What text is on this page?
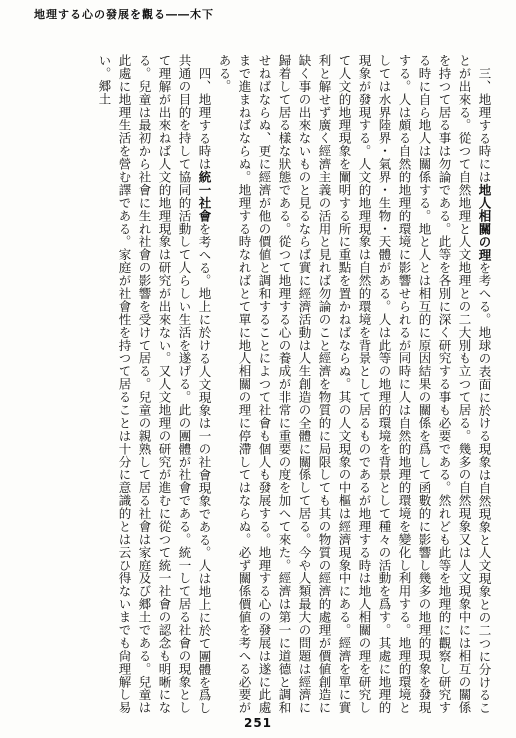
地理する心の發展を觀る――木下

三、地理する時には地人相關の理を考へる。地球の表面に於ける現象は自然現象と人文現象との二つに分けることが出來る。從つて自然地理と人文地理との二大別も立つて居る。幾多の自然現象又は人文現象中には相互の關係を持つて居る事は勿論である。此等を各別に深く研究する事も必要である。然れども此等を地理的に觀察し研究する時に自ら地人は關係する。地と人とは相互的に原因結果の關係を爲して函數的に影響し幾多の地理的現象を發現する。人は頗る自然的地理的環境に影響せられるが同時に人は自然的地理的環境を變化し利用する。地理的環境としては水界陸界・氣界・生物・天體がある。人は此等の地理的環境を背景として種々の活動を爲す。其處に地理的現象が發現する。人文的地理現象は自然的環境を背景として居るものであるが地理する時は地人相關の理を研究して人文的地理現象を闡明する所に重點を置かねばならぬ。其の人文現象の中樞は經濟現象中にある。經濟を單に實利と解せず廣く經濟主義の活用と見れば勿論のこと經濟を物質的に局限しても其の物質の經濟的處理が價値創造に缺く事の出來ないものと見るならば實に經濟活動は人生創造の全體に關係して居る。今や人類最大の問題は經濟に歸着して居る樣な狀態である。從つて地理する心の養成が非常に重要の度を加へて來た。經濟は第一に道德と調和せねばならぬ、更に經濟が他の價値と調和することによつて社會も個人も發展する。地理する心の發展は遂に此處まで進まねばならぬ。地理する時なればとて單に地人相關の理に停滯してはならぬ。必ず關係價値を考へる必要がある。

四、地理する時は統一社會を考へる。地上に於ける人文現象は一の社會現象である。人は地上に於て團體を爲し共通の目的を持して協同的活動して人らしい生活を遂げる。此の團體が社會である。統一して居る社會の現象として理解が出來ねば人文的地理現象は研究が出來ない。又人文地理の研究が進むに從つて統一社會の認念も明晰になる。兒童は最初から社會に生れ社會の影響を受けて居る。兒童の親熟して居る社會は家庭及び郷土である。兒童は此處に地理生活を營む譯である。家庭が社會性を持つて居ることは十分に意識的とは云ひ得ないまでも尙理解し易い。郷土

251
